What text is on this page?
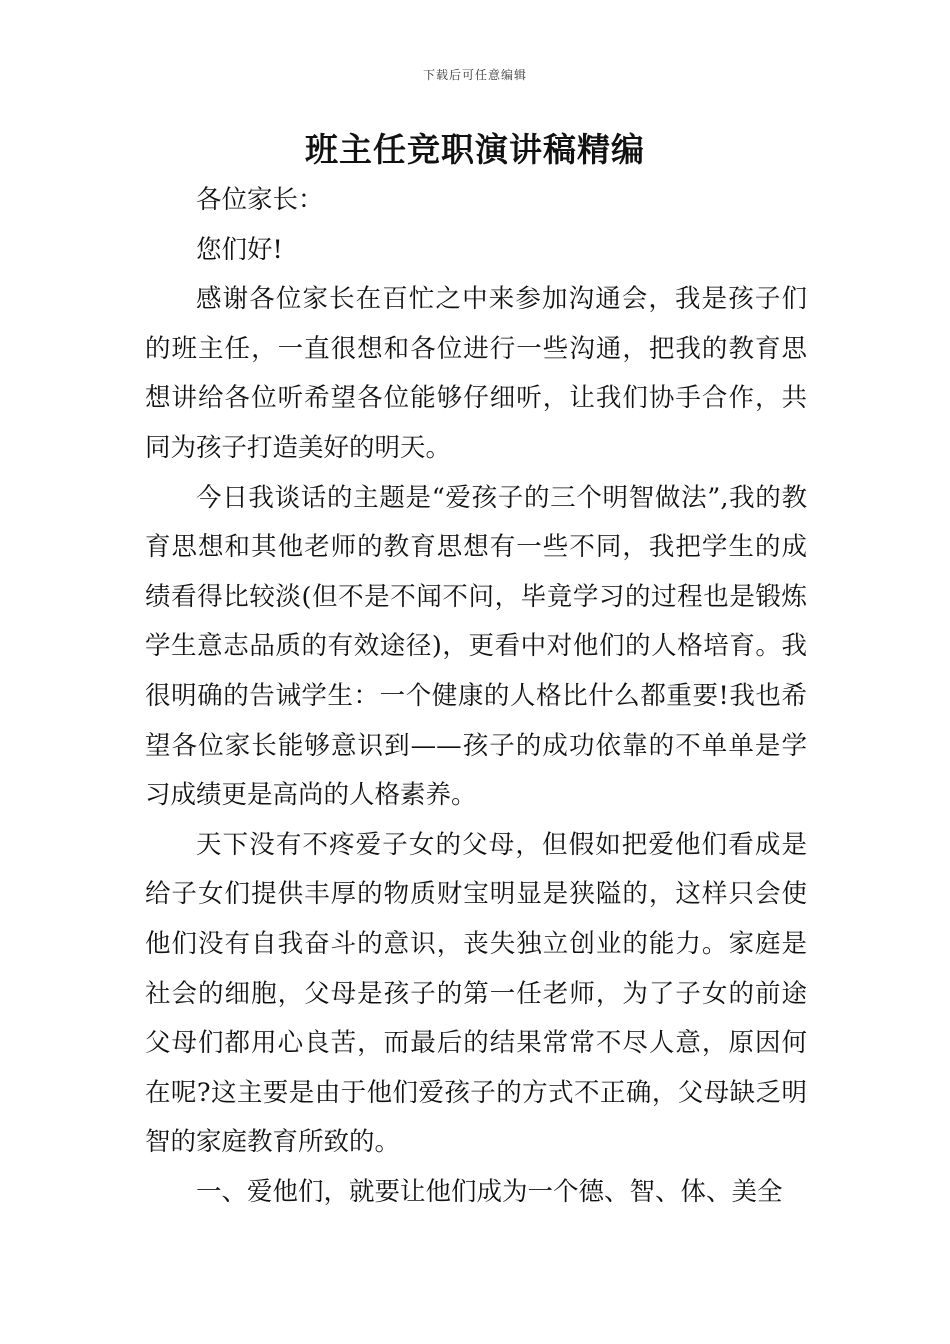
下载后可任意编辑
班主任竞职演讲稿精编

各位家长：

您们好!

感谢各位家长在百忙之中来参加沟通会，我是孩子们的班主任，一直很想和各位进行一些沟通，把我的教育思想讲给各位听希望各位能够仔细听，让我们协手合作，共同为孩子打造美好的明天。

今日我谈话的主题是“爱孩子的三个明智做法”,我的教育思想和其他老师的教育思想有一些不同，我把学生的成绩看得比较淡(但不是不闻不问，毕竟学习的过程也是锻炼学生意志品质的有效途径)，更看中对他们的人格培育。我很明确的告诫学生：一个健康的人格比什么都重要!我也希望各位家长能够意识到——孩子的成功依靠的不单单是学习成绩更是高尚的人格素养。

天下没有不疼爱子女的父母，但假如把爱他们看成是给子女们提供丰厚的物质财宝明显是狭隘的，这样只会使他们没有自我奋斗的意识，丧失独立创业的能力。家庭是社会的细胞，父母是孩子的第一任老师，为了子女的前途父母们都用心良苦，而最后的结果常常不尽人意，原因何在呢?这主要是由于他们爱孩子的方式不正确，父母缺乏明智的家庭教育所致的。

一、爱他们，就要让他们成为一个德、智、体、美全
